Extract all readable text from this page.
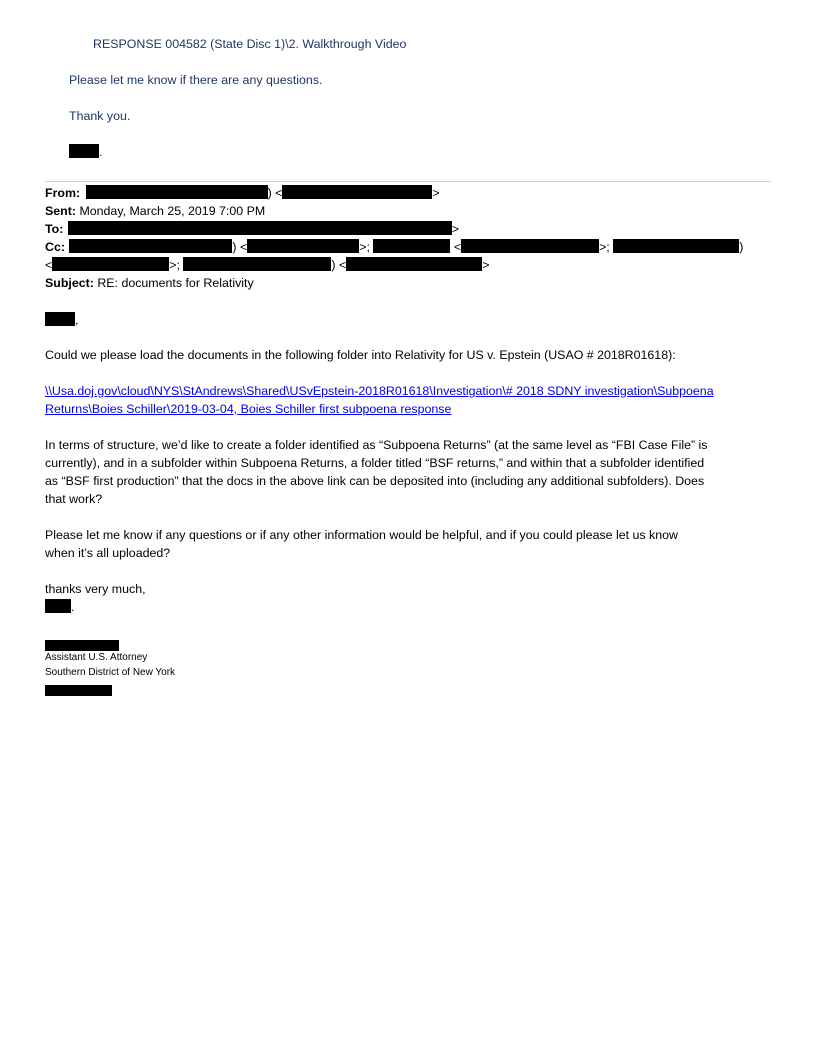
RESPONSE 004582 (State Disc 1)\2. Walkthrough Video
Please let me know if there are any questions.
Thank you.
.
From:	) <	>
Sent: Monday, March 25, 2019 7:00 PM
To:	>
Cc:	) <	>;	<	>;	)
<	>;	) <	>
Subject: RE: documents for Relativity
,
Could we please load the documents in the following folder into Relativity for US v. Epstein (USAO # 2018R01618):
\\Usa.doj.gov\cloud\NYS\StAndrews\Shared\USvEpstein-2018R01618\Investigation\# 2018 SDNY investigation\Subpoena
Returns\Boies Schiller\2019-03-04, Boies Schiller first subpoena response
In terms of structure, we’d like to create a folder identified as “Subpoena Returns” (at the same level as “FBI Case File” is
currently), and in a subfolder within Subpoena Returns, a folder titled “BSF returns,” and within that a subfolder identified
as “BSF first production” that the docs in the above link can be deposited into (including any additional subfolders). Does
that work?
Please let me know if any questions or if any other information would be helpful, and if you could please let us know
when it’s all uploaded?
thanks very much,
.
Assistant U.S. Attorney
Southern District of New York
